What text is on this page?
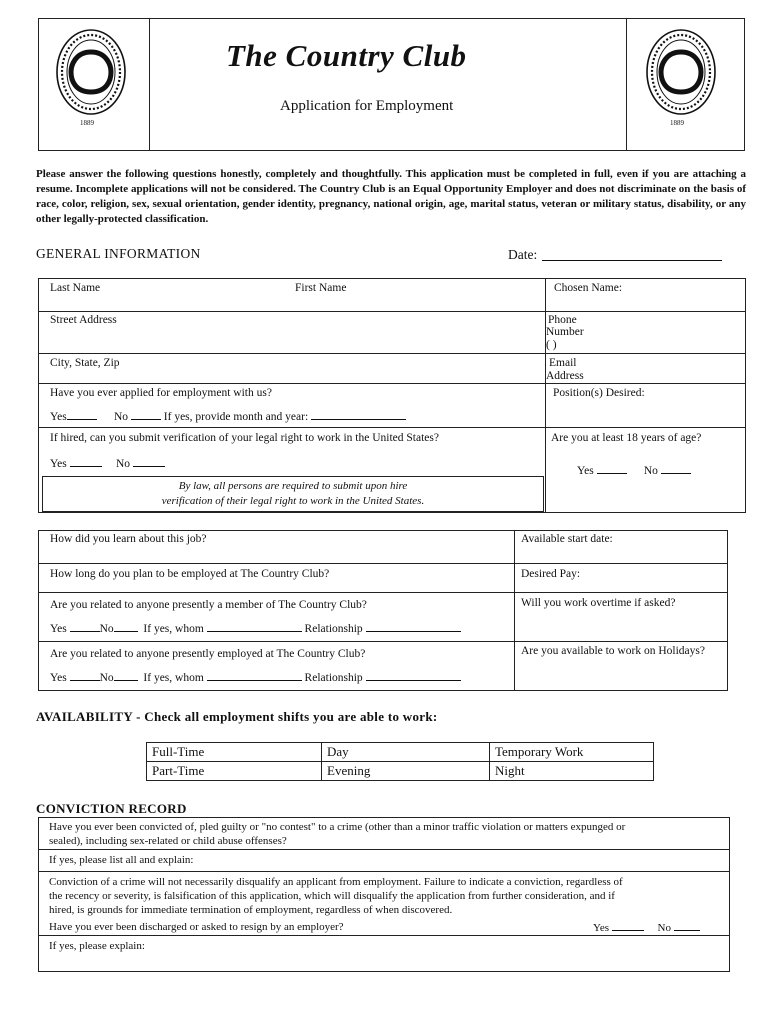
1889	1889
The Country Club
Application for Employment
Please answer the following questions honestly, completely and thoughtfully. This application must be completed in full, even if you are attaching a resume. Incomplete applications will not be considered. The Country Club is an Equal Opportunity Employer and does not discriminate on the basis of race, color, religion, sex, sexual orientation, gender identity, pregnancy, national origin, age, marital status, veteran or military status, disability, or any other legally-protected classification.
GENERAL INFORMATION	Date:
Last Name	First Name	Chosen Name:
Street Address	Phone
Number
( )
City, State, Zip	Email
Address
Have you ever applied for employment with us?	Position(s) Desired:
Yes	No	If yes, provide month and year:
If hired, can you submit verification of your legal right to work in the United States?	Are you at least 18 years of age?
Yes	No
Yes	No
By law, all persons are required to submit upon hire
verification of their legal right to work in the United States.
How did you learn about this job?	Available start date:
How long do you plan to be employed at The Country Club?	Desired Pay:
Are you related to anyone presently a member of The Country Club?	Will you work overtime if asked?
Yes	No	If yes, whom	Relationship
Are you related to anyone presently employed at The Country Club?	Are you available to work on Holidays?
Yes	No	If yes, whom	Relationship
AVAILABILITY - Check all employment shifts you are able to work:
Full-Time	Day	Temporary Work
Part-Time	Evening	Night
CONVICTION RECORD
Have you ever been convicted of, pled guilty or "no contest" to a crime (other than a minor traffic violation or matters expunged or
sealed), including sex-related or child abuse offenses?
If yes, please list all and explain:
Conviction of a crime will not necessarily disqualify an applicant from employment. Failure to indicate a conviction, regardless of
the recency or severity, is falsification of this application, which will disqualify the application from further consideration, and if
hired, is grounds for immediate termination of employment, regardless of when discovered.
Have you ever been discharged or asked to resign by an employer?	Yes	No
If yes, please explain:
